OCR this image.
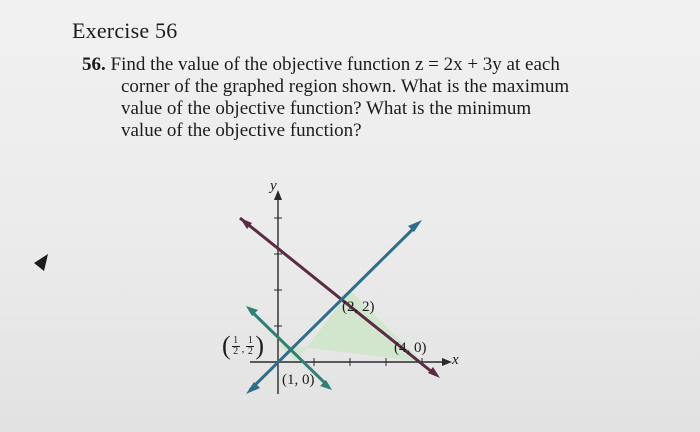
Exercise 56
56. Find the value of the objective function z = 2x + 3y at each
corner of the graphed region shown. What is the maximum
value of the objective function? What is the minimum
value of the objective function?
y
x
(2, 2)
(4, 0)
(1, 0)
( $\frac{1}{2}$ , $\frac{1}{2}$ )
